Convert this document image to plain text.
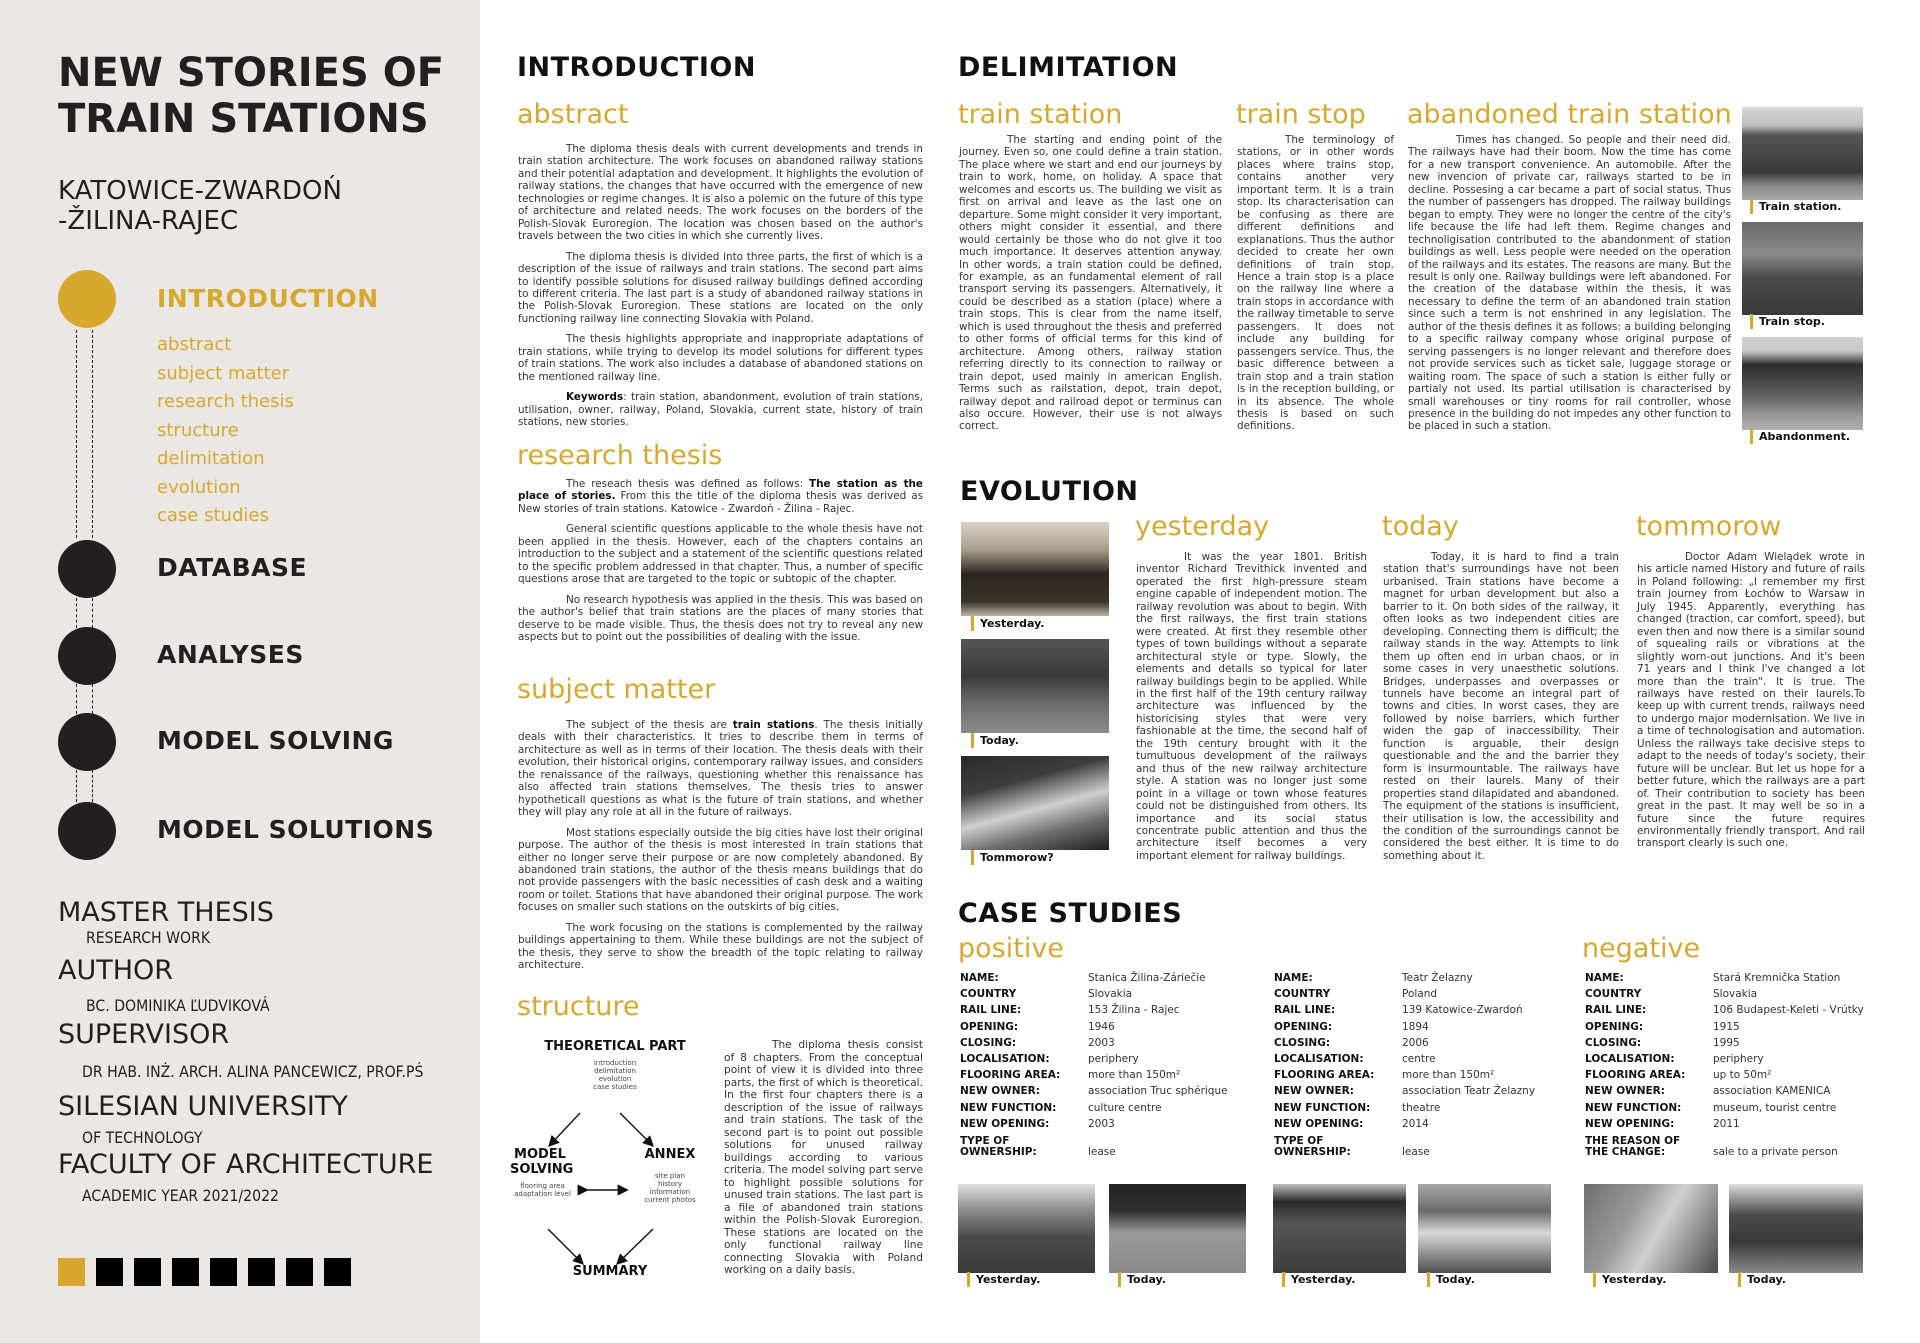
NEW STORIES OF
TRAIN STATIONS
KATOWICE-ZWARDOŃ
-ŽILINA-RAJEC
INTRODUCTION
abstract
subject matter
research thesis
structure
delimitation
evolution
case studies
DATABASE
ANALYSES
MODEL SOLVING
MODEL SOLUTIONS
MASTER THESIS
RESEARCH WORK
AUTHOR
BC. DOMINIKA ĽUDVIKOVÁ
SUPERVISOR
DR HAB. INŻ. ARCH. ALINA PANCEWICZ, PROF.PŚ
SILESIAN UNIVERSITY
OF TECHNOLOGY
FACULTY OF ARCHITECTURE
ACADEMIC YEAR 2021/2022
INTRODUCTION
abstract

The diploma thesis deals with current developments and trends in train station architecture. The work focuses on abandoned railway stations and their potential adaptation and development. It highlights the evolution of railway stations, the changes that have occurred with the emergence of new technologies or regime changes. It is also a polemic on the future of this type of architecture and related needs. The work focuses on the borders of the Polish-Slovak Euroregion. The location was chosen based on the author's travels between the two cities in which she currently lives.

The diploma thesis is divided into three parts, the first of which is a description of the issue of railways and train stations. The second part aims to identify possible solutions for disused railway buildings defined according to different criteria. The last part is a study of abandoned railway stations in the Polish-Slovak Euroregion. These stations are located on the only functioning railway line connecting Slovakia with Poland.

The thesis highlights appropriate and inappropriate adaptations of train stations, while trying to develop its model solutions for different types of train stations. The work also includes a database of abandoned stations on the mentioned railway line.

Keywords: train station, abandonment, evolution of train stations, utilisation, owner, railway, Poland, Slovakia, current state, history of train stations, new stories.

research thesis

The reseach thesis was defined as follows: The station as the place of stories. From this the title of the diploma thesis was derived as New stories of train stations. Katowice - Zwardoń - Žilina - Rajec.

General scientific questions applicable to the whole thesis have not been applied in the thesis. However, each of the chapters contains an introduction to the subject and a statement of the scientific questions related to the specific problem addressed in that chapter. Thus, a number of specific questions arose that are targeted to the topic or subtopic of the chapter.

No research hypothesis was applied in the thesis. This was based on the author's belief that train stations are the places of many stories that deserve to be made visible. Thus, the thesis does not try to reveal any new aspects but to point out the possibilities of dealing with the issue.

subject matter

The subject of the thesis are train stations. The thesis initially deals with their characteristics. It tries to describe them in terms of architecture as well as in terms of their location. The thesis deals with their evolution, their historical origins, contemporary railway issues, and considers the renaissance of the railways, questioning whether this renaissance has also affected train stations themselves. The thesis tries to answer hypotheticall questions as what is the future of train stations, and whether they will play any role at all in the future of railways.

Most stations especially outside the big cities have lost their original purpose. The author of the thesis is most interested in train stations that either no longer serve their purpose or are now completely abandoned. By abandoned train stations, the author of the thesis means buildings that do not provide passengers with the basic necessities of cash desk and a waiting room or toilet. Stations that have abandoned their original purpose. The work focuses on smaller such stations on the outskirts of big cities.

The work focusing on the stations is complemented by the railway buildings appertaining to them. While these buildings are not the subject of the thesis, they serve to show the breadth of the topic relating to railway architecture.

structure
THEORETICAL PART
introduction
delimitation
evolution
case studies
MODEL SOLVING
flooring area
adaptation level
ANNEX
site plan
history
information
current photos
SUMMARY

The diploma thesis consist of 8 chapters. From the conceptual point of view it is divided into three parts, the first of which is theoretical. In the first four chapters there is a description of the issue of railways and train stations. The task of the second part is to point out possible solutions for unused railway buildings according to various criteria. The model solving part serve to highlight possible solutions for unused train stations. The last part is a file of abandoned train stations within the Polish-Slovak Euroregion. These stations are located on the only functional railway line connecting Slovakia with Poland working on a daily basis.

DELIMITATION
train station

The starting and ending point of the journey. Even so, one could define a train station. The place where we start and end our journeys by train to work, home, on holiday. A space that welcomes and escorts us. The building we visit as first on arrival and leave as the last one on departure. Some might consider it very important, others might consider it essential, and there would certainly be those who do not give it too much importance. It deserves attention anyway. In other words, a train station could be defined, for example, as an fundamental element of rail transport serving its passengers. Alternatively, it could be described as a station (place) where a train stops. This is clear from the name itself, which is used throughout the thesis and preferred to other forms of official terms for this kind of architecture. Among others, railway station referring directly to its connection to railway or train depot, used mainly in american English. Terms such as railstation, depot, train depot, railway depot and railroad depot or terminus can also occure. However, their use is not always correct.

train stop

The terminology of stations, or in other words places where trains stop, contains another very important term. It is a train stop. Its characterisation can be confusing as there are different definitions and explanations. Thus the author decided to create her own definitions of train stop. Hence a train stop is a place on the railway line where a train stops in accordance with the railway timetable to serve passengers. It does not include any building for passengers service. Thus, the basic difference between a train stop and a train station is in the reception building, or in its absence. The whole thesis is based on such definitions.

abandoned train station

Times has changed. So people and their need did. The railways have had their boom. Now the time has come for a new transport convenience. An automobile. After the new invencion of private car, railways started to be in decline. Possesing a car became a part of social status. Thus the number of passengers has dropped. The railway buildings began to empty. They were no longer the centre of the city's life because the life had left them. Regime changes and technoligisation contributed to the abandonment of station buildings as well. Less people were needed on the operation of the railways and its estates. The reasons are many. But the result is only one. Railway buildings were left abandoned. For the creation of the database within the thesis, it was necessary to define the term of an abandoned train station since such a term is not enshrined in any legislation. The author of the thesis defines it as follows: a building belonging to a specific railway company whose original purpose of serving passengers is no longer relevant and therefore does not provide services such as ticket sale, luggage storage or waiting room. The space of such a station is either fully or partialy not used. Its partial utilisation is characterised by small warehouses or tiny rooms for rail controller, whose presence in the building do not impedes any other function to be placed in such a station.

Train station.
Train stop.
Abandonment.
EVOLUTION
Yesterday.
Today.
Tommorow?
yesterday

It was the year 1801. British inventor Richard Trevithick invented and operated the first high-pressure steam engine capable of independent motion. The railway revolution was about to begin. With the first railways, the first train stations were created. At first they resemble other types of town buildings without a separate architectural style or type. Slowly, the elements and details so typical for later railway buildings begin to be applied. While in the first half of the 19th century railway architecture was influenced by the historicising styles that were very fashionable at the time, the second half of the 19th century brought with it the tumultuous development of the railways and thus of the new railway architecture style. A station was no longer just some point in a village or town whose features could not be distinguished from others. Its importance and its social status concentrate public attention and thus the architecture itself becomes a very important element for railway buildings.

today

Today, it is hard to find a train station that's surroundings have not been urbanised. Train stations have become a magnet for urban development but also a barrier to it. On both sides of the railway, it often looks as two independent cities are developing. Connecting them is difficult; the railway stands in the way. Attempts to link them up often end in urban chaos, or in some cases in very unaesthetic solutions. Bridges, underpasses and overpasses or tunnels have become an integral part of towns and cities. In worst cases, they are followed by noise barriers, which further widen the gap of inaccessibility. Their function is arguable, their design questionable and the and the barrier they form is insurmountable. The railways have rested on their laurels. Many of their properties stand dilapidated and abandoned. The equipment of the stations is insufficient, their utilisation is low, the accessibility and the condition of the surroundings cannot be considered the best either. It is time to do something about it.

tommorow

Doctor Adam Wielądek wrote in his article named History and future of rails in Poland following: „I remember my first train journey from Łochów to Warsaw in July 1945. Apparently, everything has changed (traction, car comfort, speed), but even then and now there is a similar sound of squealing rails or vibrations at the slightly worn-out junctions. And it's been 71 years and I think I've changed a lot more than the train". It is true. The railways have rested on their laurels.To keep up with current trends, railways need to undergo major modernisation. We live in a time of technologisation and automation. Unless the railways take decisive steps to adapt to the needs of today's society, their future will be unclear. But let us hope for a better future, which the railways are a part of. Their contribution to society has been great in the past. It may well be so in a future since the future requires environmentally friendly transport. And rail transport clearly is such one.

CASE STUDIES
positive	negative
NAME:	Stanica Žilina-Záriečie
COUNTRY	Slovakia
RAIL LINE:	153 Žilina - Rajec
OPENING:	1946
CLOSING:	2003
LOCALISATION:	periphery
FLOORING AREA:	more than 150m²
NEW OWNER:	association Truc sphérique
NEW FUNCTION:	culture centre
NEW OPENING:	2003

TYPE OF
OWNERSHIP:	lease
NAME:	Teatr Żelazny
COUNTRY	Poland
RAIL LINE:	139 Katowice-Zwardoń
OPENING:	1894
CLOSING:	2006
LOCALISATION:	centre
FLOORING AREA:	more than 150m²
NEW OWNER:	association Teatr Żelazny
NEW FUNCTION:	theatre
NEW OPENING:	2014

TYPE OF
OWNERSHIP:	lease
NAME:	Stará Kremnička Station
COUNTRY	Slovakia
RAIL LINE:	106 Budapest-Keleti - Vrútky
OPENING:	1915
CLOSING:	1995
LOCALISATION:	periphery
FLOORING AREA:	up to 50m²
NEW OWNER:	association KAMENICA
NEW FUNCTION:	museum, tourist centre
NEW OPENING:	2011

THE REASON OF
THE CHANGE:	sale to a private person
Yesterday.	Today.	Yesterday.	Today.	Yesterday.	Today.
